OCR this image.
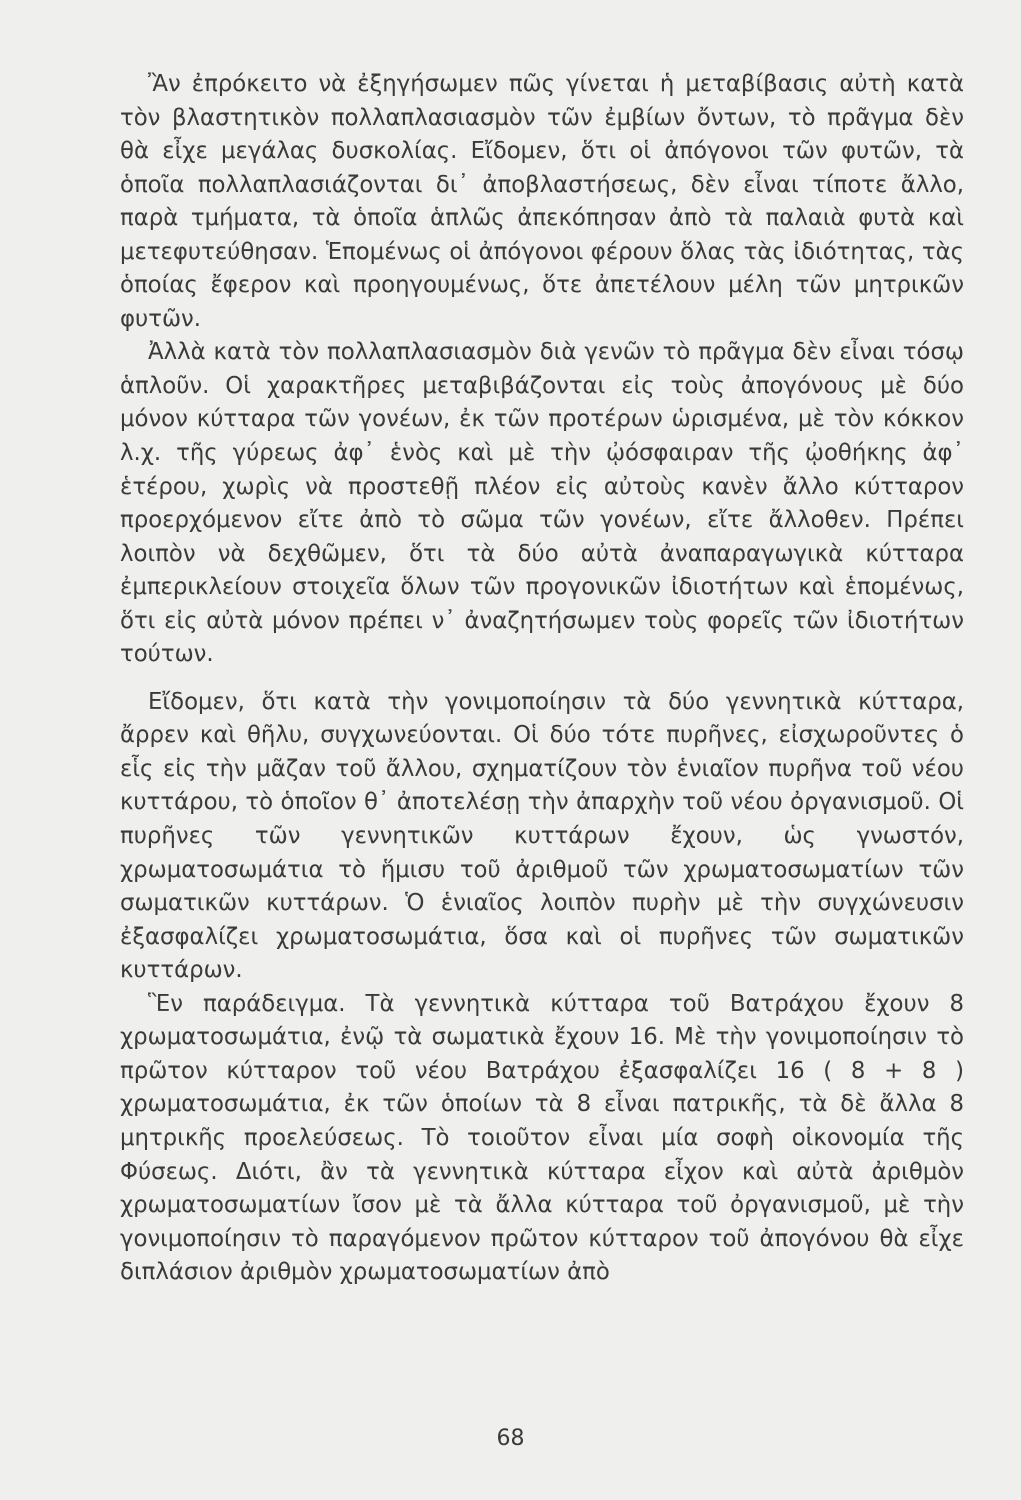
Ἂν ἐπρόκειτο νὰ ἐξηγήσωμεν πῶς γίνεται ἡ μεταβίβασις αὐτὴ κατὰ τὸν βλαστητικὸν πολλαπλασιασμὸν τῶν ἐμβίων ὄντων, τὸ πρᾶγμα δὲν θὰ εἶχε μεγάλας δυσκολίας. Εἴδομεν, ὅτι οἱ ἀπόγονοι τῶν φυτῶν, τὰ ὁποῖα πολλαπλασιάζονται δι᾽ ἀποβλαστήσεως, δὲν εἶναι τίποτε ἄλλο, παρὰ τμήματα, τὰ ὁποῖα ἁπλῶς ἀπεκόπησαν ἀπὸ τὰ παλαιὰ φυτὰ καὶ μετεφυτεύθησαν. Ἑπομένως οἱ ἀπόγονοι φέρουν ὅλας τὰς ἰδιότητας, τὰς ὁποίας ἔφερον καὶ προηγουμένως, ὅτε ἀπετέλουν μέλη τῶν μητρικῶν φυτῶν.

Ἀλλὰ κατὰ τὸν πολλαπλασιασμὸν διὰ γενῶν τὸ πρᾶγμα δὲν εἶναι τόσῳ ἁπλοῦν. Οἱ χαρακτῆρες μεταβιβάζονται εἰς τοὺς ἀπογόνους μὲ δύο μόνον κύτταρα τῶν γονέων, ἐκ τῶν προτέρων ὡρισμένα, μὲ τὸν κόκκον λ.χ. τῆς γύρεως ἀφ᾽ ἑνὸς καὶ μὲ τὴν ᾠόσφαιραν τῆς ᾠοθήκης ἀφ᾽ ἑτέρου, χωρὶς νὰ προστεθῇ πλέον εἰς αὐτοὺς κανὲν ἄλλο κύτταρον προερχόμενον εἴτε ἀπὸ τὸ σῶμα τῶν γονέων, εἴτε ἄλλοθεν. Πρέπει λοιπὸν νὰ δεχθῶμεν, ὅτι τὰ δύο αὐτὰ ἀναπαραγωγικὰ κύτταρα ἐμπερικλείουν στοιχεῖα ὅλων τῶν προγονικῶν ἰδιοτήτων καὶ ἑπομένως, ὅτι εἰς αὐτὰ μόνον πρέπει ν᾽ ἀναζητήσωμεν τοὺς φορεῖς τῶν ἰδιοτήτων τούτων.

Εἴδομεν, ὅτι κατὰ τὴν γονιμοποίησιν τὰ δύο γεννητικὰ κύτταρα, ἄρρεν καὶ θῆλυ, συγχωνεύονται. Οἱ δύο τότε πυρῆνες, εἰσχωροῦντες ὁ εἷς εἰς τὴν μᾶζαν τοῦ ἄλλου, σχηματίζουν τὸν ἑνιαῖον πυρῆνα τοῦ νέου κυττάρου, τὸ ὁποῖον θ᾽ ἀποτελέσῃ τὴν ἀπαρχὴν τοῦ νέου ὀργανισμοῦ. Οἱ πυρῆνες τῶν γεννητικῶν κυττάρων ἔχουν, ὡς γνωστόν, χρωματοσωμάτια τὸ ἥμισυ τοῦ ἀριθμοῦ τῶν χρωματοσωματίων τῶν σωματικῶν κυττάρων. Ὁ ἑνιαῖος λοιπὸν πυρὴν μὲ τὴν συγχώνευσιν ἐξασφαλίζει χρωματοσωμάτια, ὅσα καὶ οἱ πυρῆνες τῶν σωματικῶν κυττάρων.

Ἓν παράδειγμα. Τὰ γεννητικὰ κύτταρα τοῦ Βατράχου ἔχουν 8 χρωματοσωμάτια, ἐνῷ τὰ σωματικὰ ἔχουν 16. Μὲ τὴν γονιμοποίησιν τὸ πρῶτον κύτταρον τοῦ νέου Βατράχου ἐξασφαλίζει 16 ( 8 + 8 ) χρωματοσωμάτια, ἐκ τῶν ὁποίων τὰ 8 εἶναι πατρικῆς, τὰ δὲ ἄλλα 8 μητρικῆς προελεύσεως. Τὸ τοιοῦτον εἶναι μία σοφὴ οἰκονομία τῆς Φύσεως. Διότι, ἂν τὰ γεννητικὰ κύτταρα εἶχον καὶ αὐτὰ ἀριθμὸν χρωματοσωματίων ἴσον μὲ τὰ ἄλλα κύτταρα τοῦ ὀργανισμοῦ, μὲ τὴν γονιμοποίησιν τὸ παραγόμενον πρῶτον κύτταρον τοῦ ἀπογόνου θὰ εἶχε διπλάσιον ἀριθμὸν χρωματοσωματίων ἀπὸ

68
